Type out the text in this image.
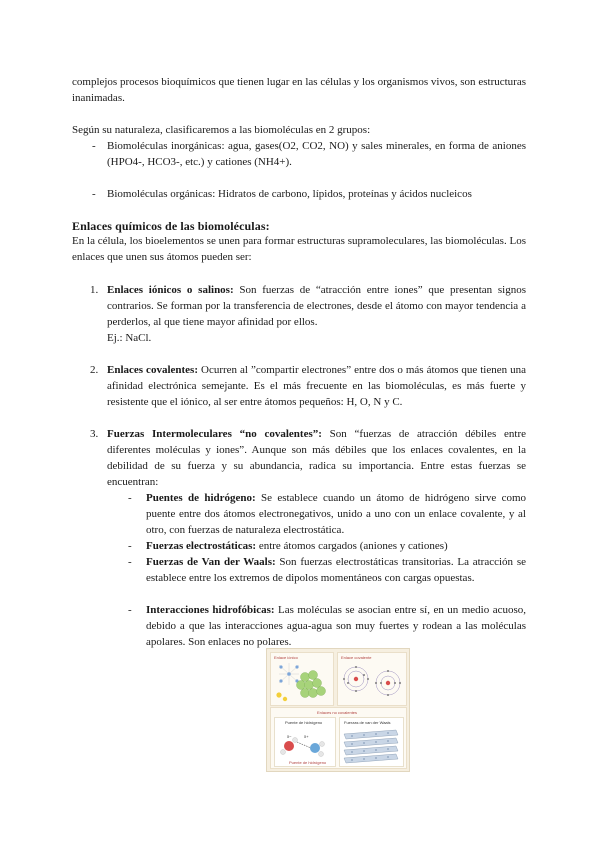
complejos procesos bioquímicos que tienen lugar en las células y los organismos vivos, son estructuras inanimadas.

Según su naturaleza, clasificaremos a las biomoléculas en 2 grupos:

- Biomoléculas inorgánicas: agua, gases(O2, CO2, NO) y sales minerales, en forma de aniones (HPO4-, HCO3-, etc.) y cationes (NH4+).

- Biomoléculas orgánicas: Hidratos de carbono, lípidos, proteínas y ácidos nucleicos

Enlaces químicos de las biomoléculas:

En la célula, los bioelementos se unen para formar estructuras supramoleculares, las biomoléculas. Los enlaces que unen sus átomos pueden ser:

1. Enlaces iónicos o salinos: Son fuerzas de “atracción entre iones” que presentan signos contrarios. Se forman por la transferencia de electrones, desde el átomo con mayor tendencia a perderlos, al que tiene mayor afinidad por ellos.
Ej.: NaCl.

2. Enlaces covalentes: Ocurren al ”compartir electrones” entre dos o más átomos que tienen una afinidad electrónica semejante. Es el más frecuente en las biomoléculas, es más fuerte y resistente que el iónico, al ser entre átomos pequeños: H, O, N y C.

3. Fuerzas Intermoleculares “no covalentes”: Son “fuerzas de atracción débiles entre diferentes moléculas y iones”. Aunque son más débiles que los enlaces covalentes, en la debilidad de su fuerza y su abundancia, radica su importancia. Entre estas fuerzas se encuentran:

- Puentes de hidrógeno: Se establece cuando un átomo de hidrógeno sirve como puente entre dos átomos electronegativos, unido a uno con un enlace covalente, y al otro, con fuerzas de naturaleza electrostática.

- Fuerzas electrostáticas: entre átomos cargados (aniones y cationes)

- Fuerzas de Van der Waals: Son fuerzas electrostáticas transitorias. La atracción se establece entre los extremos de dipolos momentáneos con cargas opuestas.

- Interacciones hidrofóbicas: Las moléculas se asocian entre sí, en un medio acuoso, debido a que las interacciones agua-agua son muy fuertes y rodean a las moléculas apolares. Son enlaces no polares.

Enlace iónico	Enlace covalente
Enlaces no covalentes
Puente de hidrógeno
δ−	δ+
Puente de hidrógeno
Fuerzas de van der Waals
